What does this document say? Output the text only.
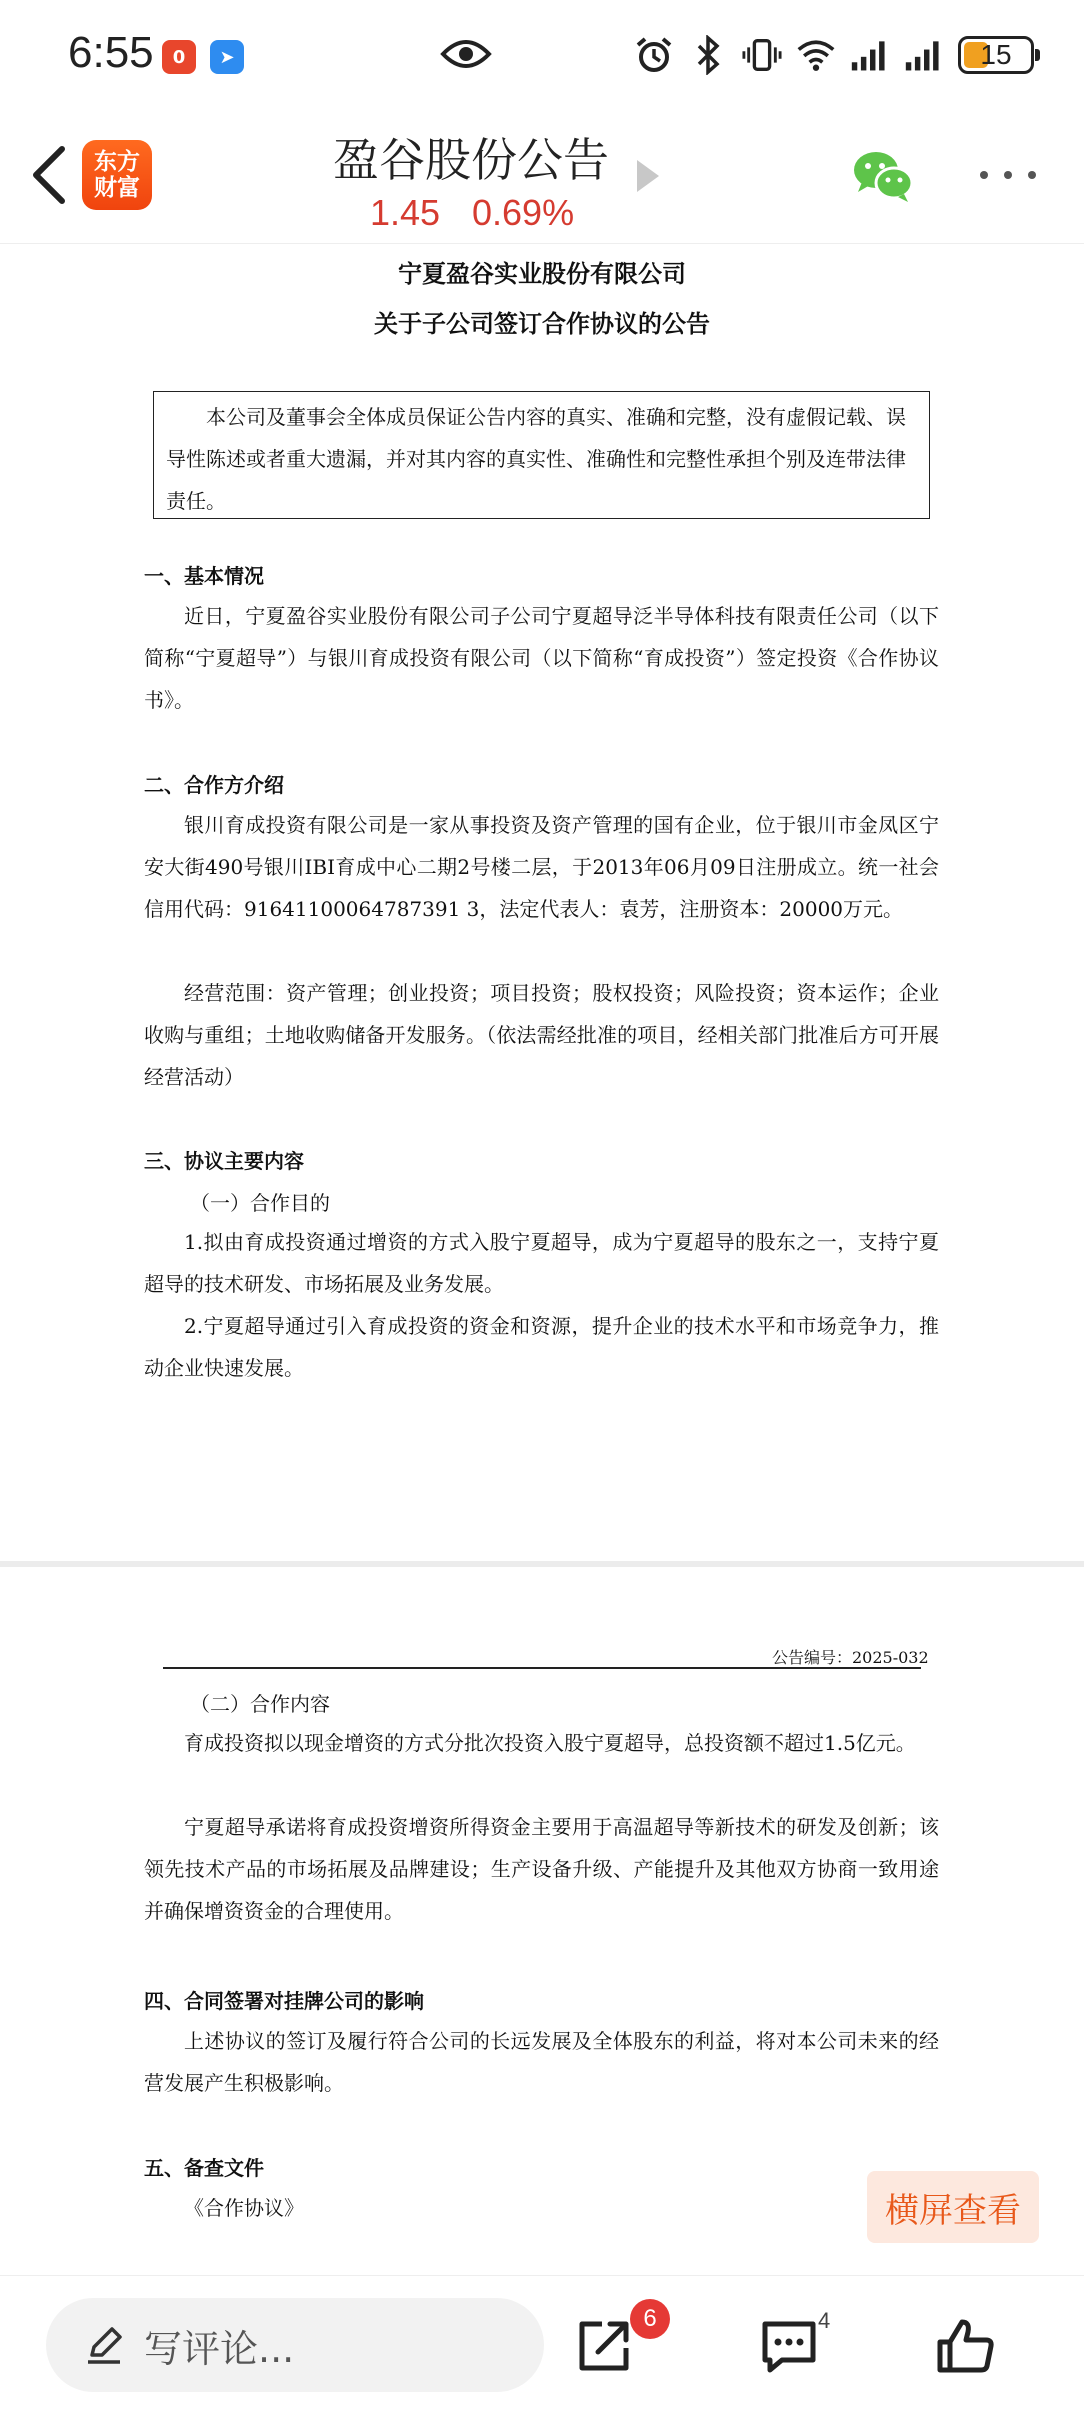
6:55	0	➤	15
东方
财富
盈谷股份公告
1.45 0.69%
宁夏盈谷实业股份有限公司
关于子公司签订合作协议的公告

本公司及董事会全体成员保证公告内容的真实、准确和完整，没有虚假记载、误导性陈述或者重大遗漏，并对其内容的真实性、准确性和完整性承担个别及连带法律责任。

一、基本情况
近日，宁夏盈谷实业股份有限公司子公司宁夏超导泛半导体科技有限责任公司（以下简称“宁夏超导”）与银川育成投资有限公司（以下简称“育成投资”）签定投资《合作协议书》。
二、合作方介绍
银川育成投资有限公司是一家从事投资及资产管理的国有企业，位于银川市金凤区宁安大街490号银川IBI育成中心二期2号楼二层，于2013年06月09日注册成立。统一社会信用代码：91641100064787391 3，法定代表人：袁芳，注册资本：20000万元。
经营范围：资产管理；创业投资；项目投资；股权投资；风险投资；资本运作；企业收购与重组；土地收购储备开发服务。（依法需经批准的项目，经相关部门批准后方可开展经营活动）
三、协议主要内容
（一）合作目的
1.拟由育成投资通过增资的方式入股宁夏超导，成为宁夏超导的股东之一，支持宁夏超导的技术研发、市场拓展及业务发展。
2.宁夏超导通过引入育成投资的资金和资源，提升企业的技术水平和市场竞争力，推动企业快速发展。
公告编号：2025-032
（二）合作内容
育成投资拟以现金增资的方式分批次投资入股宁夏超导，总投资额不超过1.5亿元。
宁夏超导承诺将育成投资增资所得资金主要用于高温超导等新技术的研发及创新；该领先技术产品的市场拓展及品牌建设；生产设备升级、产能提升及其他双方协商一致用途并确保增资资金的合理使用。
四、合同签署对挂牌公司的影响
上述协议的签订及履行符合公司的长远发展及全体股东的利益，将对本公司未来的经营发展产生积极影响。
五、备查文件
《合作协议》	横屏查看
写评论...
6	4
